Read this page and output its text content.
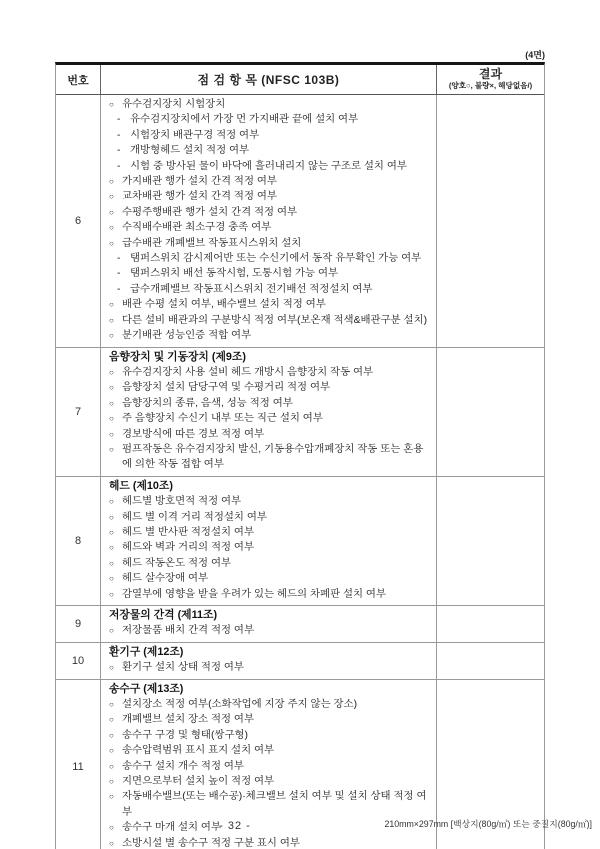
(4면)
번호	점 검 항 목 (NFSC 103B)	결과
(양호○, 불량×, 해당없음/)
6
○ 유수검지장치 시험장치
- 유수검지장치에서 가장 먼 가지배관 끝에 설치 여부
- 시험장치 배관구경 적정 여부
- 개방형헤드 설치 적정 여부
- 시험 중 방사된 물이 바닥에 흘러내리지 않는 구조로 설치 여부
○ 가지배관 행가 설치 간격 적정 여부
○ 교차배관 행가 설치 간격 적정 여부
○ 수평주행배관 행가 설치 간격 적정 여부
○ 수직배수배관 최소구경 충족 여부
○ 급수배관 개폐밸브 작동표시스위치 설치
- 탬퍼스위치 감시제어반 또는 수신기에서 동작 유무확인 가능 여부
- 탬퍼스위치 배선 동작시험, 도통시험 가능 여부
- 급수개폐밸브 작동표시스위치 전기배선 적정설치 여부
○ 배관 수평 설치 여부, 배수밸브 설치 적정 여부
○ 다른 설비 배관과의 구분방식 적정 여부(보온재 적색&배관구분 설치)
○ 분기배관 성능인증 적합 여부
7
음향장치 및 기동장치 (제9조)
○ 유수검지장치 사용 설비 헤드 개방시 음향장치 작동 여부
○ 음향장치 설치 담당구역 및 수평거리 적정 여부
○ 음향장치의 종류, 음색, 성능 적정 여부
○ 주 음향장치 수신기 내부 또는 직근 설치 여부
○ 경보방식에 따른 경보 적정 여부
○ 펌프작동은 유수검지장치 발신, 기동용수압개폐장치 작동 또는 혼용에 의한 작동 접합 여부
8
헤드 (제10조)
○ 헤드별 방호면적 적정 여부
○ 헤드 별 이격 거리 적정설치 여부
○ 헤드 별 반사판 적정설치 여부
○ 헤드와 벽과 거리의 적정 여부
○ 헤드 작동온도 적정 여부
○ 헤드 살수장애 여부
○ 감열부에 영향을 받을 우려가 있는 헤드의 차폐판 설치 여부
9
저장물의 간격 (제11조)
○ 저장물품 배치 간격 적정 여부
10
환기구 (제12조)
○ 환기구 설치 상태 적정 여부
11
송수구 (제13조)
○ 설치장소 적정 여부(소화작업에 지장 주지 않는 장소)
○ 개폐밸브 설치 장소 적정 여부
○ 송수구 구경 및 형태(쌍구형)
○ 송수압력범위 표시 표지 설치 여부
○ 송수구 설치 개수 적정 여부
○ 지면으로부터 설치 높이 적정 여부
○ 자동배수밸브(또는 배수공)·체크밸브 설치 여부 및 설치 상태 적정 여부
○ 송수구 마개 설치 여부
○ 소방시설 별 송수구 적정 구분 표시 여부
- 32 -	210mm×297mm [백상지(80g/㎡) 또는 중질지(80g/㎡)]
